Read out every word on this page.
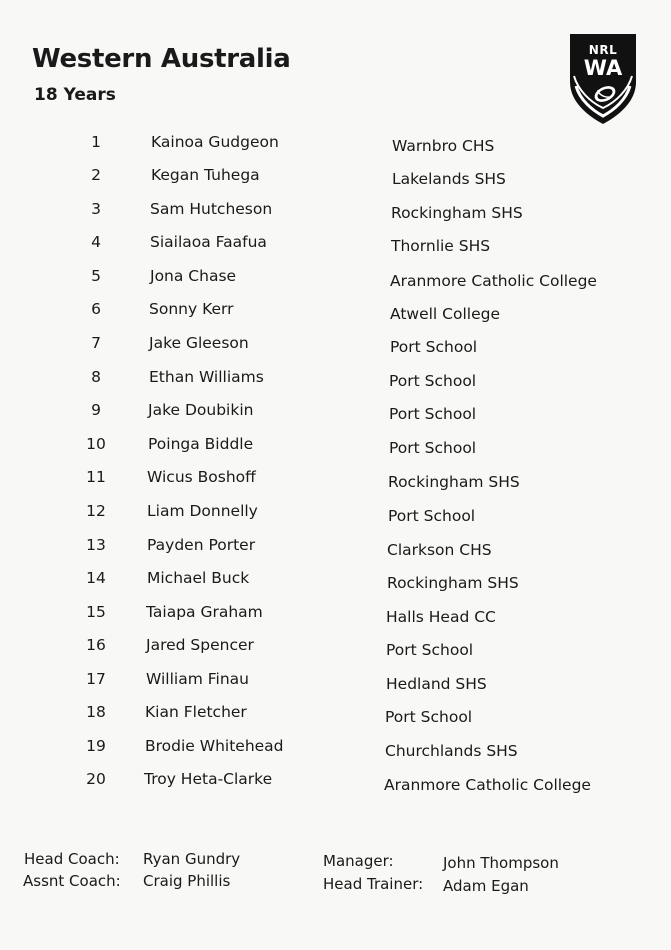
Western Australia
18 Years
NRL
WA
1	Kainoa Gudgeon	Warnbro CHS
2	Kegan Tuhega	Lakelands SHS
3	Sam Hutcheson	Rockingham SHS
4	Siailaoa Faafua	Thornlie SHS
5	Jona Chase	Aranmore Catholic College
6	Sonny Kerr	Atwell College
7	Jake Gleeson	Port School
8	Ethan Williams	Port School
9	Jake Doubikin	Port School
10	Poinga Biddle	Port School
11	Wicus Boshoff	Rockingham SHS
12	Liam Donnelly	Port School
13	Payden Porter	Clarkson CHS
14	Michael Buck	Rockingham SHS
15	Taiapa Graham	Halls Head CC
16	Jared Spencer	Port School
17	William Finau	Hedland SHS
18	Kian Fletcher	Port School
19	Brodie Whitehead	Churchlands SHS
20	Troy Heta-Clarke	Aranmore Catholic College
Head Coach: Ryan Gundry
Assnt Coach: Craig Phillis
Manager:	John Thompson
Head Trainer: Adam Egan
